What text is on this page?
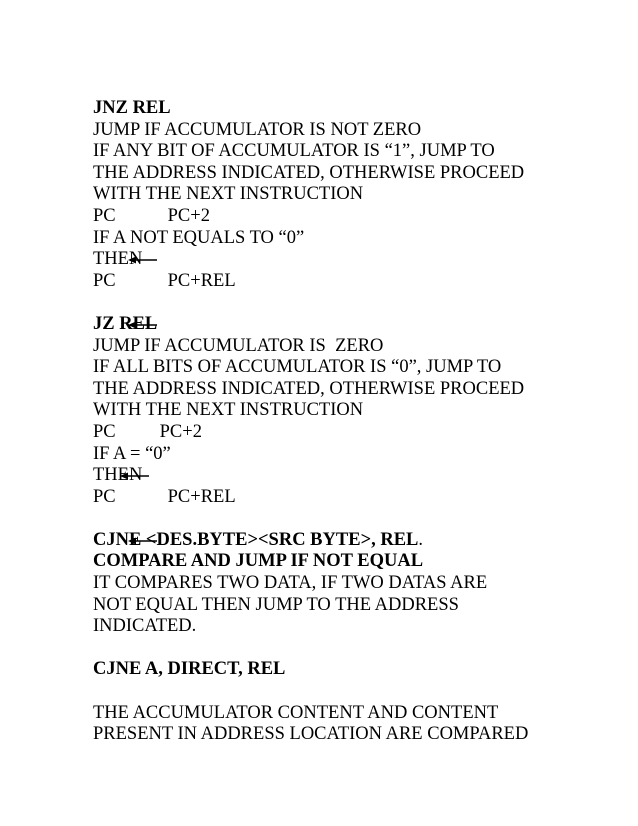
JNZ REL
JUMP IF ACCUMULATOR IS NOT ZERO
IF ANY BIT OF ACCUMULATOR IS “1”, JUMP TO
THE ADDRESS INDICATED, OTHERWISE PROCEED
WITH THE NEXT INSTRUCTION
PC

	PC+2
IF A NOT EQUALS TO “0”
THEN
PC

	PC+REL
JZ REL
JUMP IF ACCUMULATOR IS  ZERO
IF ALL BITS OF ACCUMULATOR IS “0”, JUMP TO
THE ADDRESS INDICATED, OTHERWISE PROCEED
WITH THE NEXT INSTRUCTION
PC

PC+2
IF A = “0”
THEN
PC

	PC+REL
CJNE <DES.BYTE><SRC BYTE>, REL.
COMPARE AND JUMP IF NOT EQUAL
IT COMPARES TWO DATA, IF TWO DATAS ARE
NOT EQUAL THEN JUMP TO THE ADDRESS
INDICATED.
CJNE A, DIRECT, REL
THE ACCUMULATOR CONTENT AND CONTENT
PRESENT IN ADDRESS LOCATION ARE COMPARED
